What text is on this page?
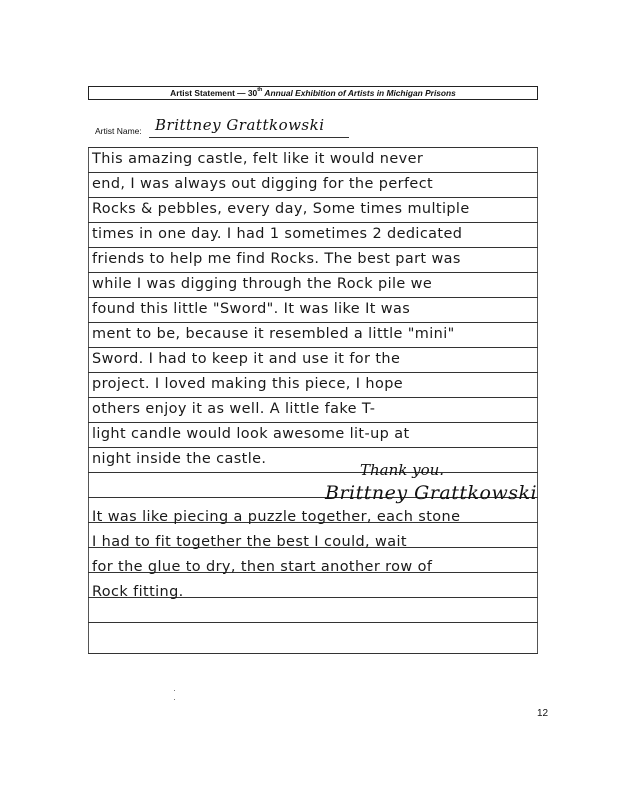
Artist Statement — 30th Annual Exhibition of Artists in Michigan Prisons
Artist Name: Brittney Grattkowski
This amazing castle, felt like it would never
end, I was always out digging for the perfect
Rocks & pebbles, every day, Some times multiple
times in one day. I had 1 sometimes 2 dedicated
friends to help me find Rocks. The best part was
while I was digging through the Rock pile we
found this little "Sword". It was like It was
ment to be, because it resembled a little "mini"
Sword. I had to keep it and use it for the
project. I loved making this piece, I hope
others enjoy it as well. A little fake T-
light candle would look awesome lit-up at
night inside the castle.
Thank you.
Brittney Grattkowski
It was like piecing a puzzle together, each stone
I had to fit together the best I could, wait
for the glue to dry, then start another row of
Rock fitting.
12
